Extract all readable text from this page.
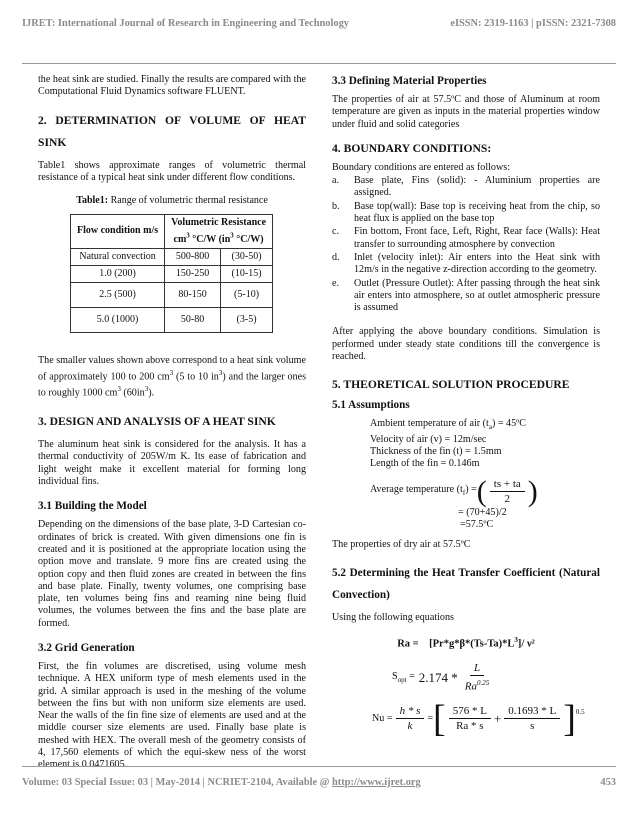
IJRET: International Journal of Research in Engineering and Technology	eISSN: 2319-1163 | pISSN: 2321-7308

the heat sink are studied. Finally the results are compared with the Computational Fluid Dynamics software FLUENT.

2. DETERMINATION OF VOLUME OF HEAT SINK

Table1 shows approximate ranges of volumetric thermal resistance of a typical heat sink under different flow conditions.

Table1: Range of volumetric thermal resistance
Flow condition m/s	Volumetric Resistance
$cm^3$ °C/W ($in^3$ °C/W)	
Natural convection	500-800	(30-50)
1.0 (200)	150-250	(10-15)
2.5 (500)	80-150	(5-10)
5.0 (1000)	50-80	(3-5)

The smaller values shown above correspond to a heat sink volume of approximately 100 to 200 $cm^3$ (5 to 10 $in^3$) and the larger ones to roughly 1000 $cm^3$ $(60in^3)$.

3. DESIGN AND ANALYSIS OF A HEAT SINK

The aluminum heat sink is considered for the analysis. It has a thermal conductivity of 205W/m K. Its ease of fabrication and light weight make it excellent material for forming long individual fins.

3.1 Building the Model

Depending on the dimensions of the base plate, 3-D Cartesian co-ordinates of brick is created. With given dimensions one fin is created and it is positioned at the appropriate location using the option move and translate. 9 more fins are created using the option copy and then fluid zones are created in between the fins and base plate. Finally, twenty volumes, one comprising base plate, ten volumes being fins and reaming nine being fluid volumes, the volumes between the fins and the base plate are formed.

3.2 Grid Generation

First, the fin volumes are discretised, using volume mesh technique. A HEX uniform type of mesh elements used in the grid. A similar approach is used in the meshing of the volume between the fins but with non uniform size elements are used. Near the walls of the fin fine size of elements are used and at the middle courser size elements are used. Finally base plate is meshed with HEX. The overall mesh of the geometry consists of 4, 17,560 elements of which the equi-skew ness of the worst element is 0.0471605.

3.3 Defining Material Properties

The properties of air at 57.5ºC and those of Aluminum at room temperature are given as inputs in the material properties window under fluid and solid categories

4. BOUNDARY CONDITIONS:

Boundary conditions are entered as follows:

a.	Base plate, Fins (solid): - Aluminium properties are assigned.
b.	Base top(wall): Base top is receiving heat from the chip, so heat flux is applied on the base top
c.	Fin bottom, Front face, Left, Right, Rear face (Walls): Heat transfer to surrounding atmosphere by convection
d.	Inlet (velocity inlet): Air enters into the Heat sink with 12m/s in the negative z-direction according to the geometry.
e.	Outlet (Pressure Outlet): After passing through the heat sink air enters into atmosphere, so at outlet atmospheric pressure is assumed

After applying the above boundary conditions. Simulation is performed under steady state conditions till the convergence is reached.

5. THEORETICAL SOLUTION PROCEDURE
5.1 Assumptions
Ambient temperature of air $(t_a)$ = 45ºC
Velocity of air (v) = 12m/sec
Thickness of the fin (t) = 1.5mm
Length of the fin = 0.146m
Average temperature $(t_f)$ = ( $\frac{ts + ta}{2}$ )
= (70+45)/2
=57.5ºC

The properties of dry air at 57.5ºC

5.2 Determining the Heat Transfer Coefficient (Natural Convection)

Using the following equations

Ra =    $[Pr*g*\beta*(Ts-Ta)*L^3]/$ ν²
$S_{opt} = 2.174 * \frac{L}{Ra^{0.25}}$
$Nu = \frac{h * s}{k}$ = [ $\frac{576 * L}{Ra * s} + \frac{0.1693 * L}{s} ]^{0.5}$
Volume: 03 Special Issue: 03 | May-2014 | NCRIET-2104, Available @ http://www.ijret.org	453
